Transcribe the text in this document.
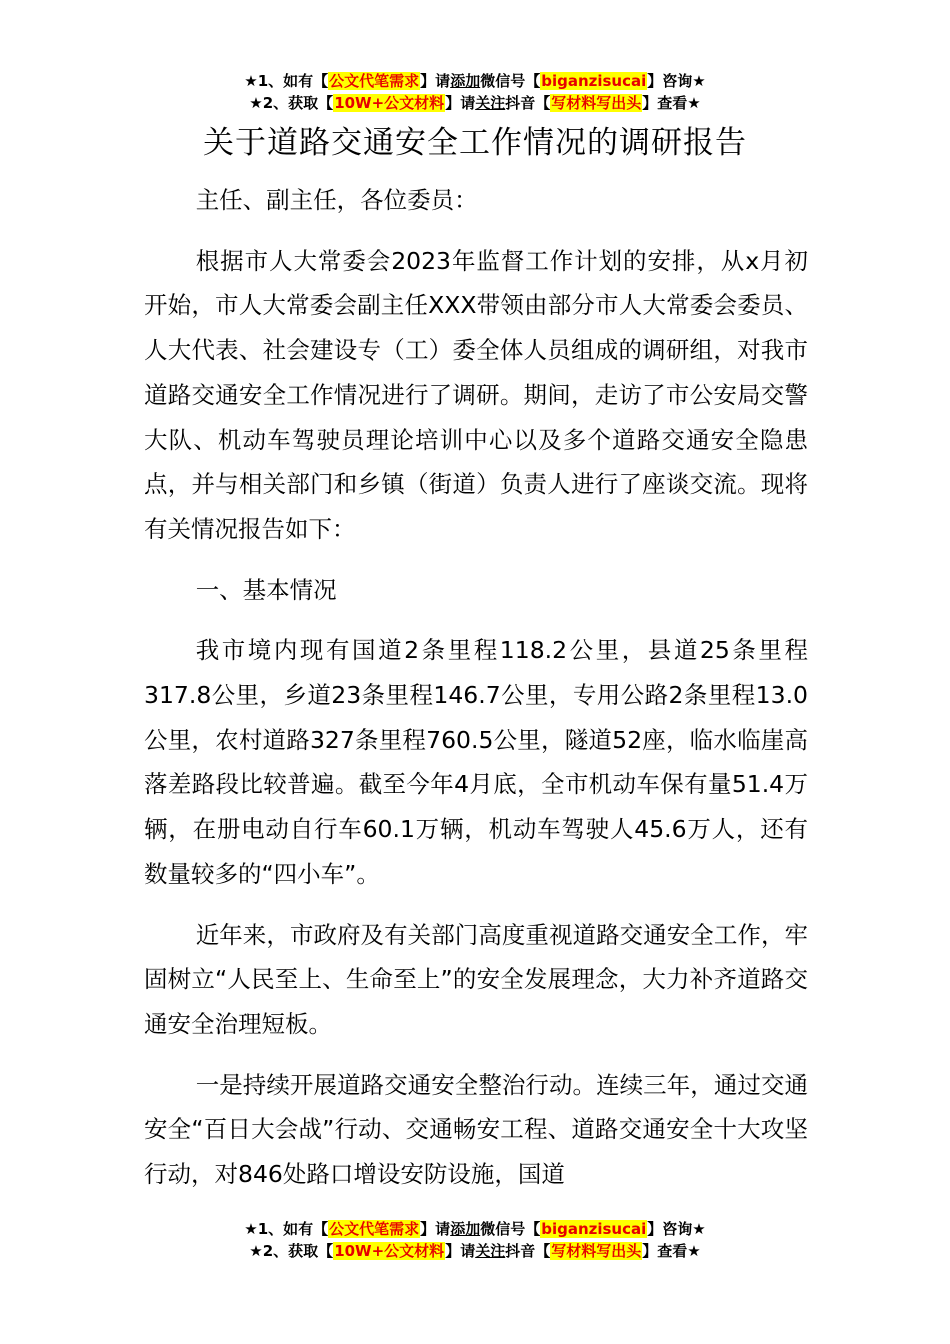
★1、如有【公文代笔需求】请添加微信号【biganzisucai】咨询★
★2、获取【10W+公文材料】请关注抖音【写材料写出头】查看★
关于道路交通安全工作情况的调研报告

主任、副主任，各位委员：

根据市人大常委会2023年监督工作计划的安排，从x月初开始，市人大常委会副主任XXX带领由部分市人大常委会委员、人大代表、社会建设专（工）委全体人员组成的调研组，对我市道路交通安全工作情况进行了调研。期间，走访了市公安局交警大队、机动车驾驶员理论培训中心以及多个道路交通安全隐患点，并与相关部门和乡镇（街道）负责人进行了座谈交流。现将有关情况报告如下：

一、基本情况

我市境内现有国道2条里程118.2公里，县道25条里程317.8公里，乡道23条里程146.7公里，专用公路2条里程13.0公里，农村道路327条里程760.5公里，隧道52座，临水临崖高落差路段比较普遍。截至今年4月底，全市机动车保有量51.4万辆，在册电动自行车60.1万辆，机动车驾驶人45.6万人，还有数量较多的“四小车”。

近年来，市政府及有关部门高度重视道路交通安全工作，牢固树立“人民至上、生命至上”的安全发展理念，大力补齐道路交通安全治理短板。

一是持续开展道路交通安全整治行动。连续三年，通过交通安全“百日大会战”行动、交通畅安工程、道路交通安全十大攻坚行动，对846处路口增设安防设施，国道

★1、如有【公文代笔需求】请添加微信号【biganzisucai】咨询★
★2、获取【10W+公文材料】请关注抖音【写材料写出头】查看★
